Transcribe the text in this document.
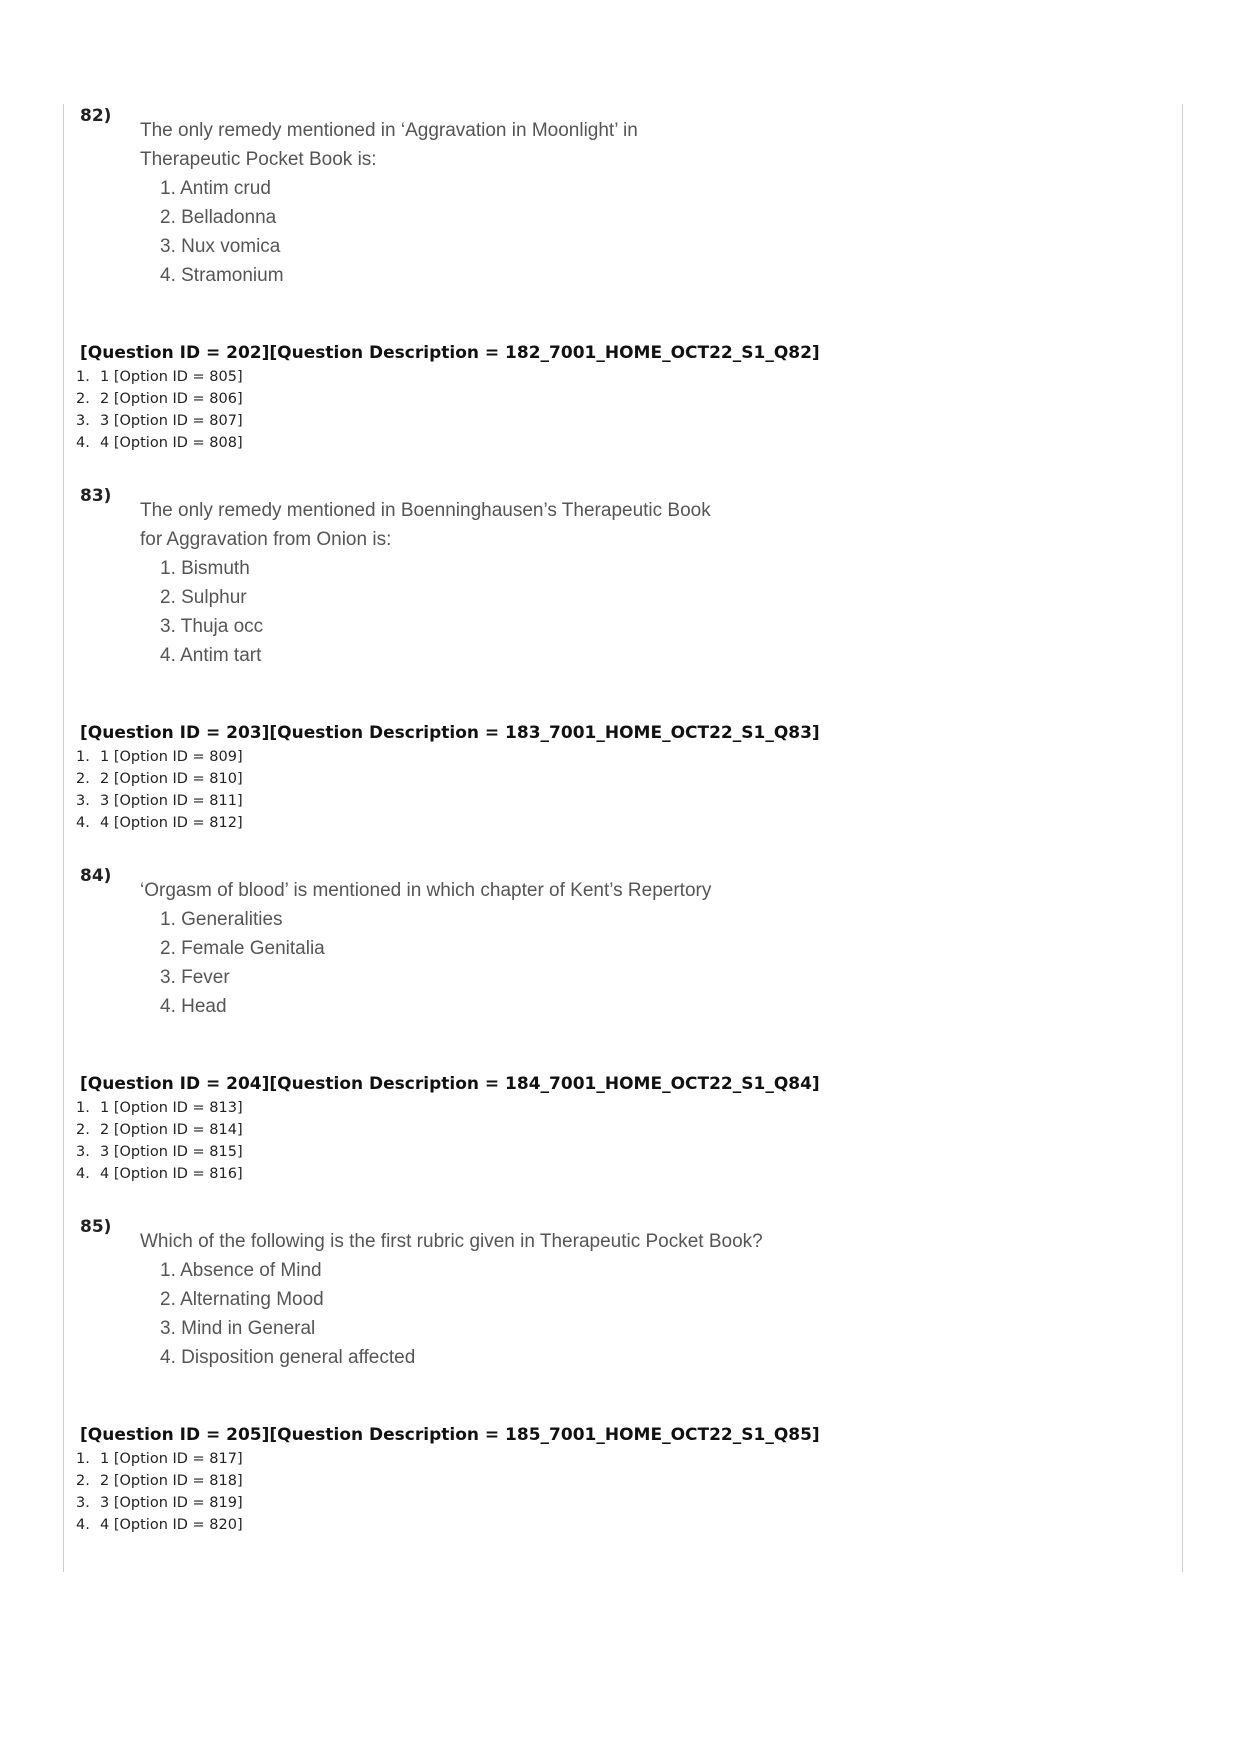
82)
The only remedy mentioned in ‘Aggravation in Moonlight’ in
Therapeutic Pocket Book is:
1. Antim crud
2. Belladonna
3. Nux vomica
4. Stramonium
[Question ID = 202][Question Description = 182_7001_HOME_OCT22_S1_Q82]
1. 1 [Option ID = 805]
2. 2 [Option ID = 806]
3. 3 [Option ID = 807]
4. 4 [Option ID = 808]
83)
The only remedy mentioned in Boenninghausen’s Therapeutic Book
for Aggravation from Onion is:
1. Bismuth
2. Sulphur
3. Thuja occ
4. Antim tart
[Question ID = 203][Question Description = 183_7001_HOME_OCT22_S1_Q83]
1. 1 [Option ID = 809]
2. 2 [Option ID = 810]
3. 3 [Option ID = 811]
4. 4 [Option ID = 812]
84)
‘Orgasm of blood’ is mentioned in which chapter of Kent’s Repertory
1. Generalities
2. Female Genitalia
3. Fever
4. Head
[Question ID = 204][Question Description = 184_7001_HOME_OCT22_S1_Q84]
1. 1 [Option ID = 813]
2. 2 [Option ID = 814]
3. 3 [Option ID = 815]
4. 4 [Option ID = 816]
85)
Which of the following is the first rubric given in Therapeutic Pocket Book?
1. Absence of Mind
2. Alternating Mood
3. Mind in General
4. Disposition general affected
[Question ID = 205][Question Description = 185_7001_HOME_OCT22_S1_Q85]
1. 1 [Option ID = 817]
2. 2 [Option ID = 818]
3. 3 [Option ID = 819]
4. 4 [Option ID = 820]
